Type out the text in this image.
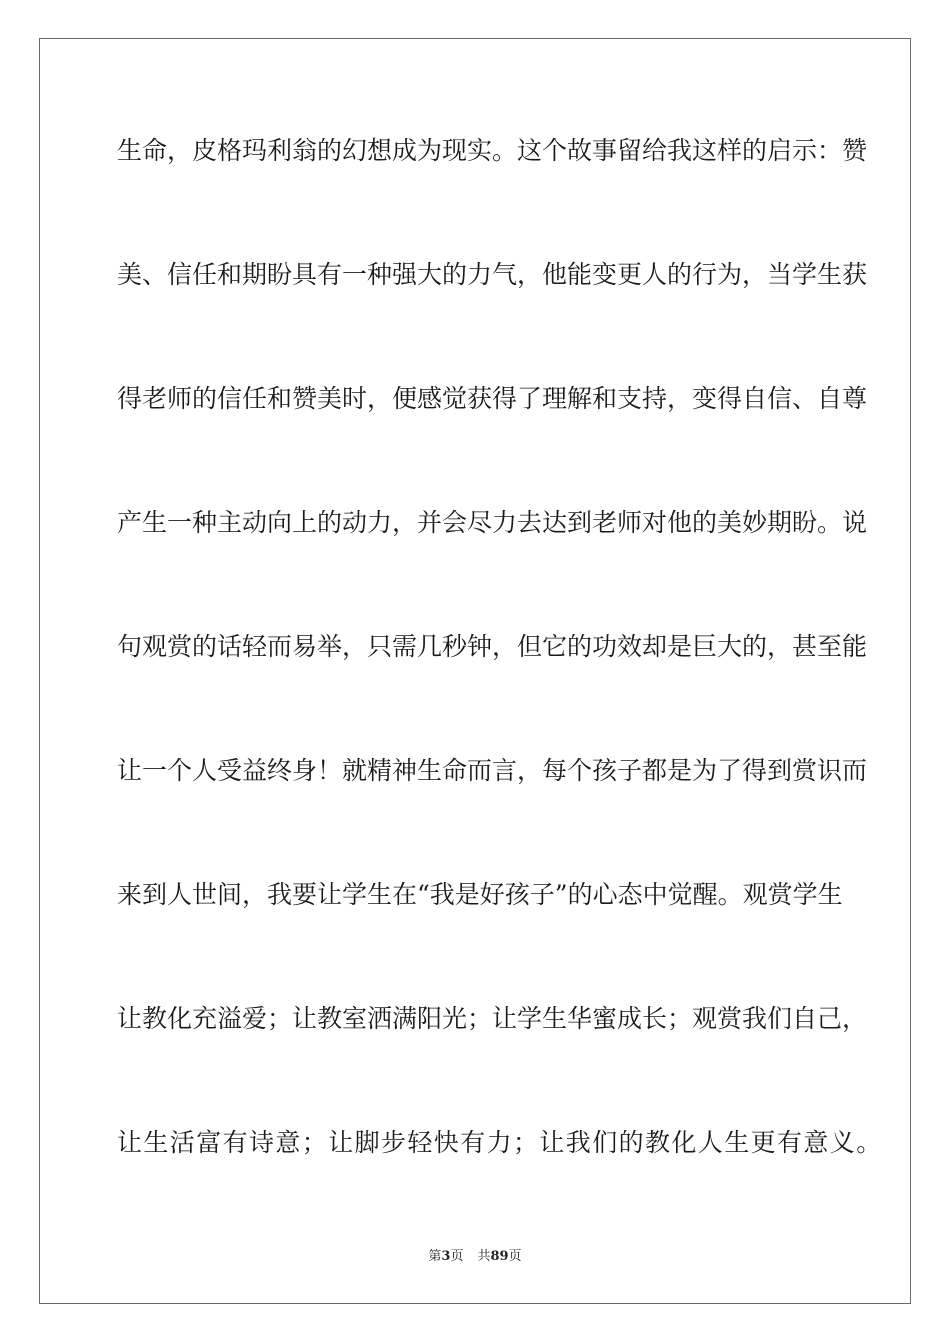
生命，皮格玛利翁的幻想成为现实。这个故事留给我这样的启示：赞

美、信任和期盼具有一种强大的力气，他能变更人的行为，当学生获

得老师的信任和赞美时，便感觉获得了理解和支持，变得自信、自尊

产生一种主动向上的动力，并会尽力去达到老师对他的美妙期盼。说

句观赏的话轻而易举，只需几秒钟，但它的功效却是巨大的，甚至能

让一个人受益终身！就精神生命而言，每个孩子都是为了得到赏识而

来到人世间，我要让学生在“我是好孩子”的心态中觉醒。观赏学生

让教化充溢爱；让教室洒满阳光；让学生华蜜成长；观赏我们自己，

让生活富有诗意；让脚步轻快有力；让我们的教化人生更有意义。

第3页 共89页
